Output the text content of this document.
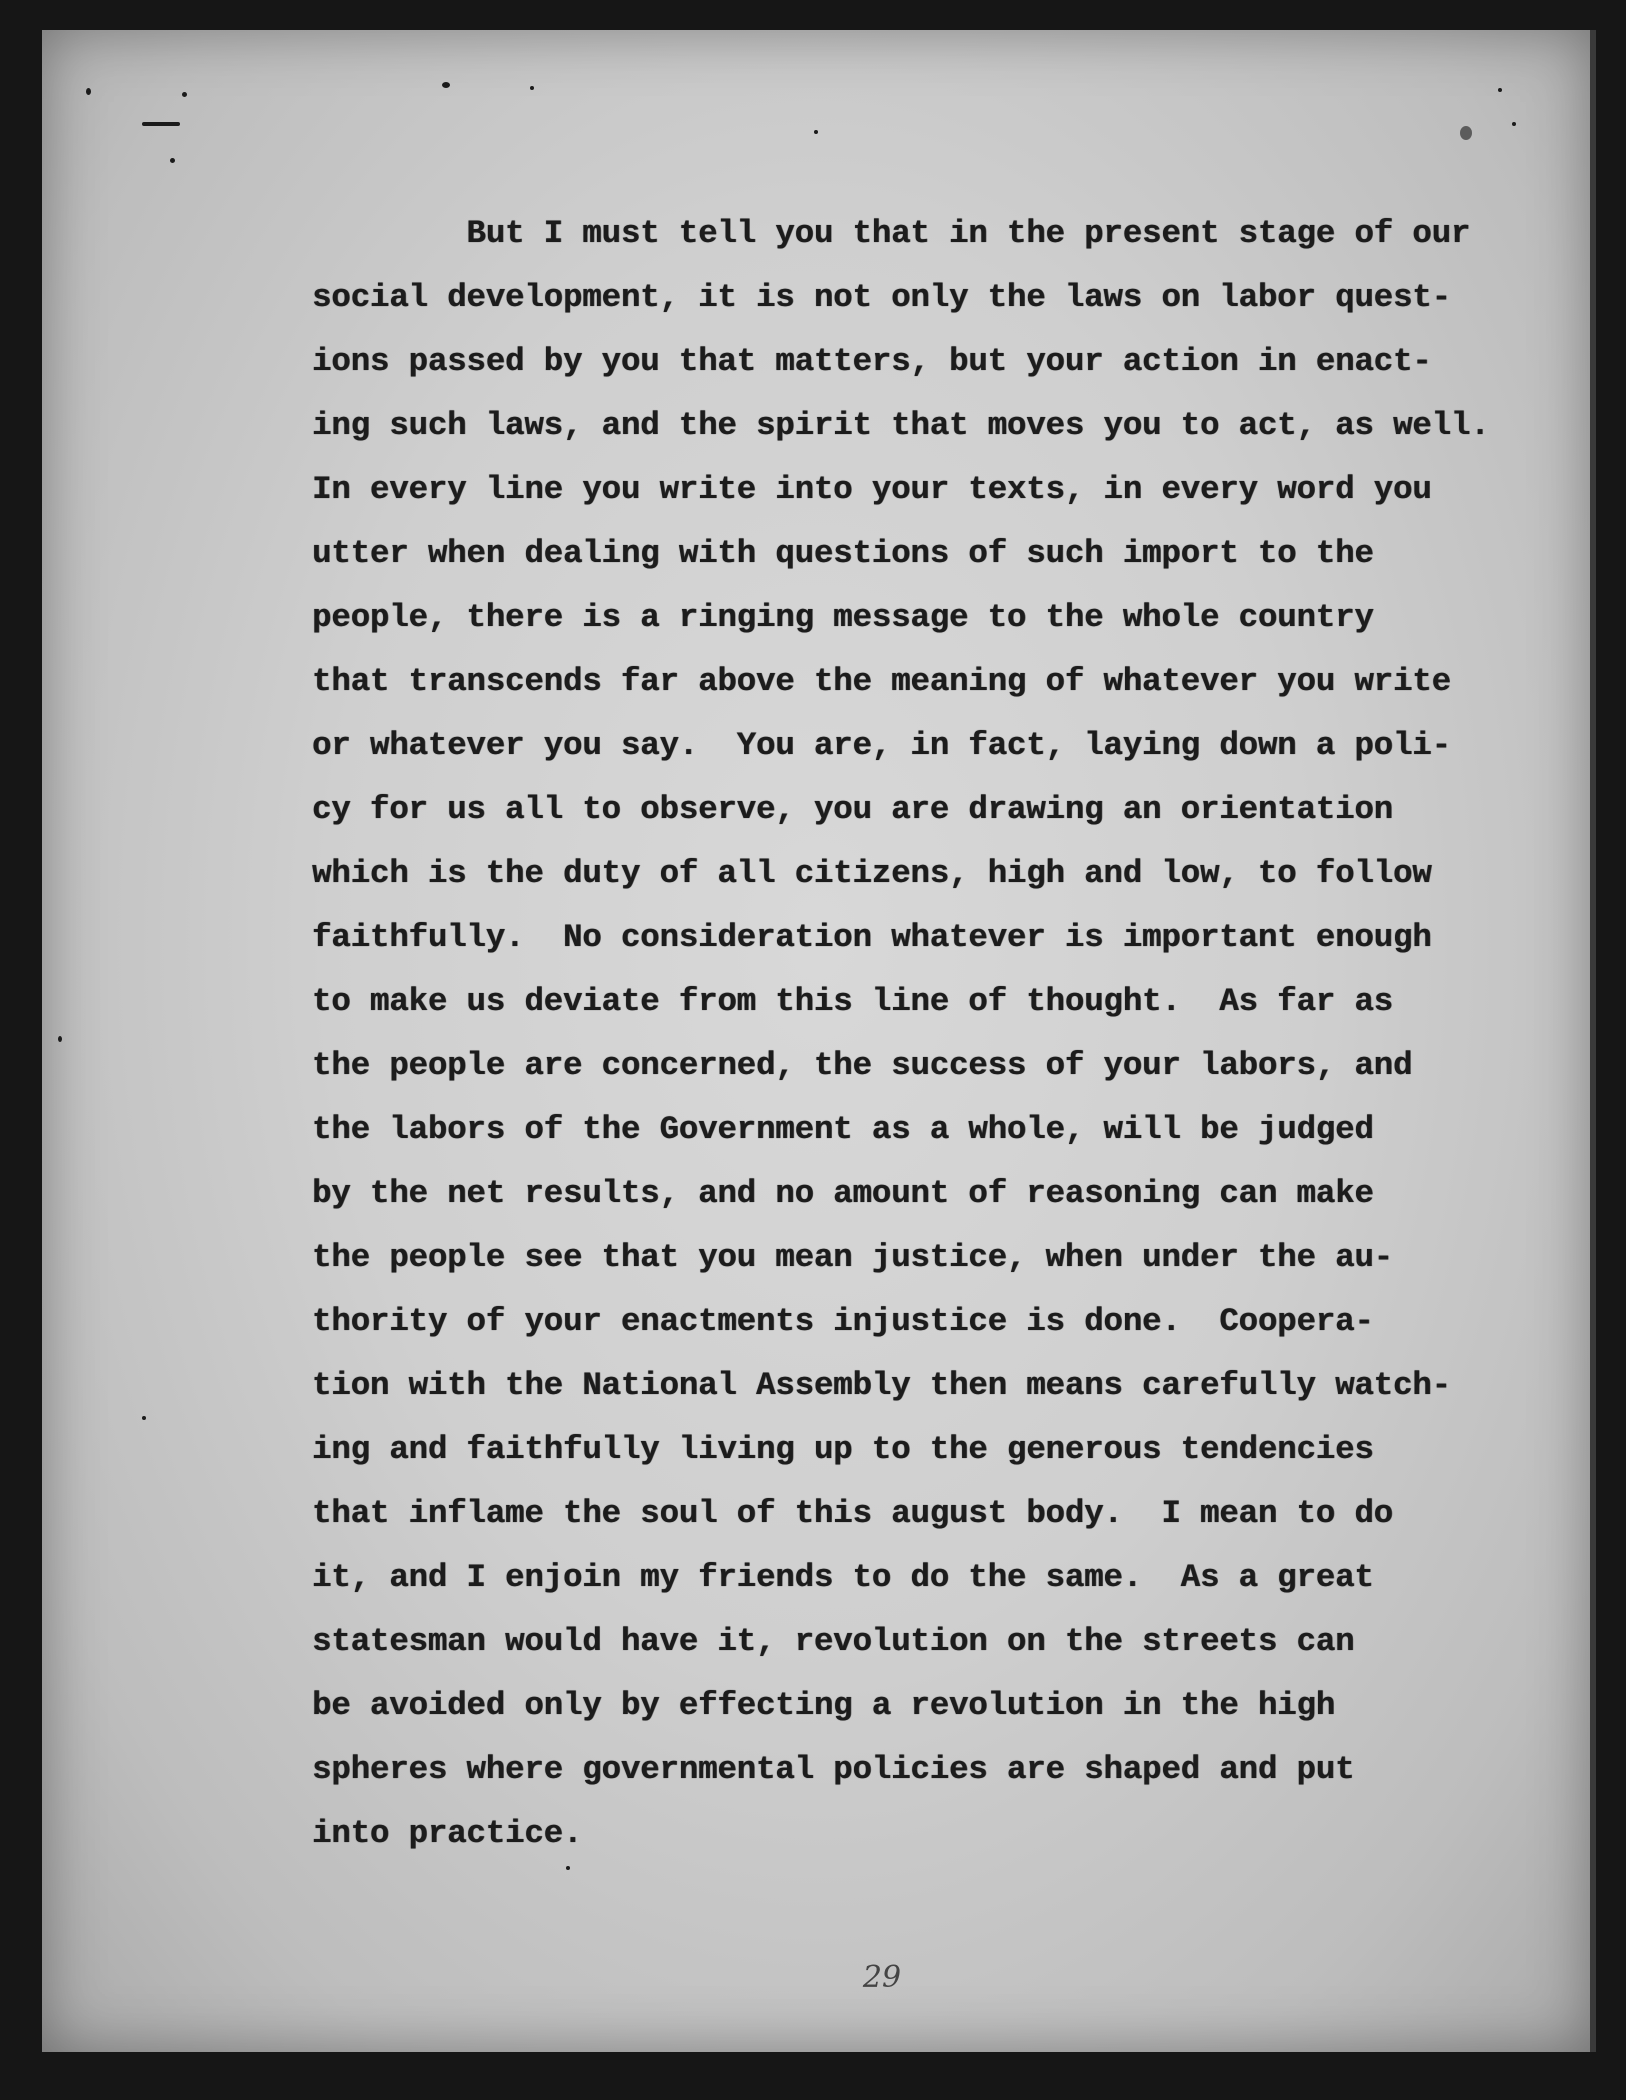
But I must tell you that in the present stage of our
social development, it is not only the laws on labor quest-
ions passed by you that matters, but your action in enact-
ing such laws, and the spirit that moves you to act, as well.
In every line you write into your texts, in every word you
utter when dealing with questions of such import to the
people, there is a ringing message to the whole country
that transcends far above the meaning of whatever you write
or whatever you say.  You are, in fact, laying down a poli-
cy for us all to observe, you are drawing an orientation
which is the duty of all citizens, high and low, to follow
faithfully.  No consideration whatever is important enough
to make us deviate from this line of thought.  As far as
the people are concerned, the success of your labors, and
the labors of the Government as a whole, will be judged
by the net results, and no amount of reasoning can make
the people see that you mean justice, when under the au-
thority of your enactments injustice is done.  Coopera-
tion with the National Assembly then means carefully watch-
ing and faithfully living up to the generous tendencies
that inflame the soul of this august body.  I mean to do
it, and I enjoin my friends to do the same.  As a great
statesman would have it, revolution on the streets can
be avoided only by effecting a revolution in the high
spheres where governmental policies are shaped and put
into practice.
29
